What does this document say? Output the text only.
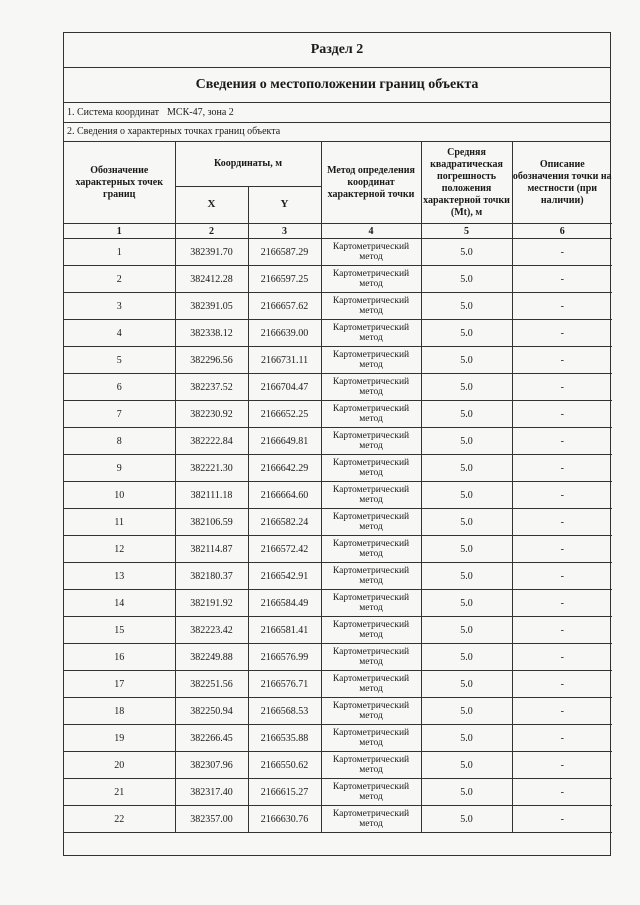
Раздел 2
Сведения о местоположении границ объекта
1. Система координат МСК-47, зона 2
2. Сведения о характерных точках границ объекта
Обозначение характерных точек границ	Координаты, м		Метод определения координат характерной точки	Средняя квадратическая погрешность положения характерной точки (Mt), м	Описание обозначения точки на местности (при наличии)
	X	Y			
1	2	3	4	5	6
1	382391.70	2166587.29	Картометрический метод	5.0	-
2	382412.28	2166597.25	Картометрический метод	5.0	-
3	382391.05	2166657.62	Картометрический метод	5.0	-
4	382338.12	2166639.00	Картометрический метод	5.0	-
5	382296.56	2166731.11	Картометрический метод	5.0	-
6	382237.52	2166704.47	Картометрический метод	5.0	-
7	382230.92	2166652.25	Картометрический метод	5.0	-
8	382222.84	2166649.81	Картометрический метод	5.0	-
9	382221.30	2166642.29	Картометрический метод	5.0	-
10	382111.18	2166664.60	Картометрический метод	5.0	-
11	382106.59	2166582.24	Картометрический метод	5.0	-
12	382114.87	2166572.42	Картометрический метод	5.0	-
13	382180.37	2166542.91	Картометрический метод	5.0	-
14	382191.92	2166584.49	Картометрический метод	5.0	-
15	382223.42	2166581.41	Картометрический метод	5.0	-
16	382249.88	2166576.99	Картометрический метод	5.0	-
17	382251.56	2166576.71	Картометрический метод	5.0	-
18	382250.94	2166568.53	Картометрический метод	5.0	-
19	382266.45	2166535.88	Картометрический метод	5.0	-
20	382307.96	2166550.62	Картометрический метод	5.0	-
21	382317.40	2166615.27	Картометрический метод	5.0	-
22	382357.00	2166630.76	Картометрический метод	5.0	-
